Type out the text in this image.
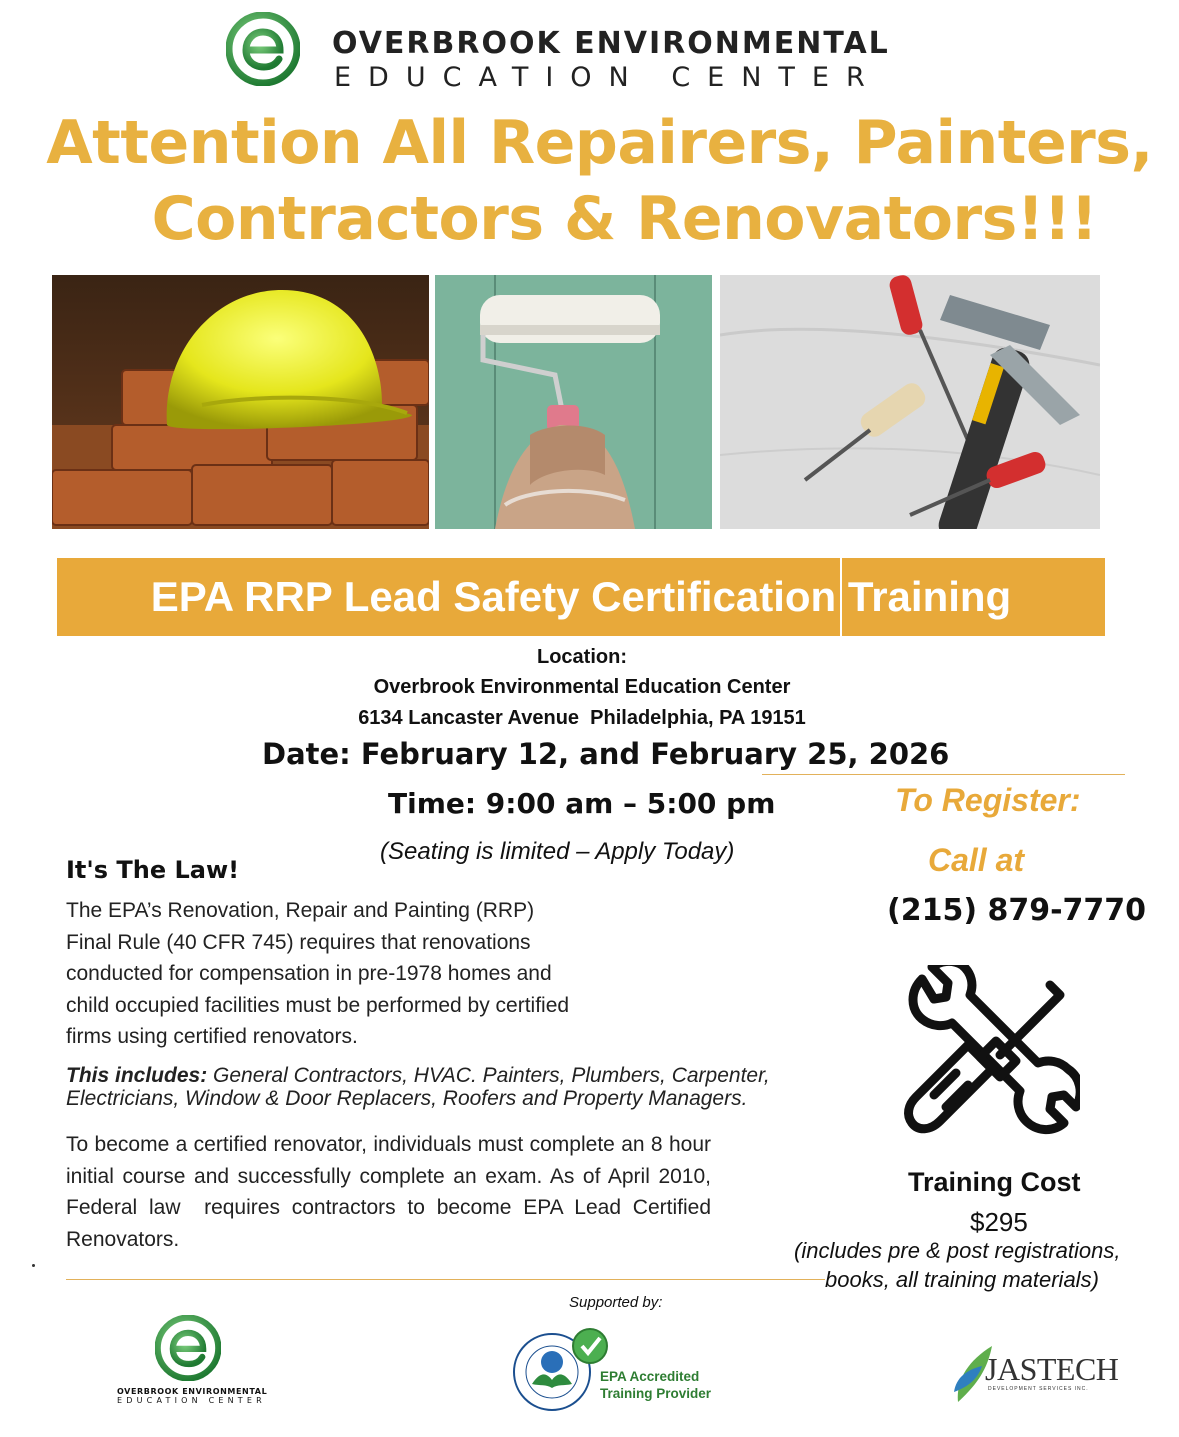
OVERBROOK ENVIRONMENTAL
EDUCATION CENTER
Attention All Repairers, Painters,
Contractors & Renovators!!!
EPA RRP Lead Safety Certification Training
Location:
Overbrook Environmental Education Center
6134 Lancaster Avenue  Philadelphia, PA 19151
Date: February 12, and February 25, 2026
Time: 9:00 am – 5:00 pm
(Seating is limited – Apply Today)
To Register:
Call at
(215) 879-7770
It's The Law!
The EPA’s Renovation, Repair and Painting (RRP)
Final Rule (40 CFR 745) requires that renovations
conducted for compensation in pre-1978 homes and
child occupied facilities must be performed by certified
firms using certified renovators.
This includes: General Contractors, HVAC. Painters, Plumbers, Carpenter, Electricians, Window & Door Replacers, Roofers and Property Managers.
To become a certified renovator, individuals must complete an 8 hour initial course and successfully complete an exam. As of April 2010, Federal law  requires contractors to become EPA Lead Certified Renovators.
Training Cost
$295
(includes pre & post registrations,
books, all training materials)
Supported by:
OVERBROOK ENVIRONMENTAL
EDUCATION CENTER
EPA Accredited
Training Provider
JASTECH
DEVELOPMENT SERVICES INC.
